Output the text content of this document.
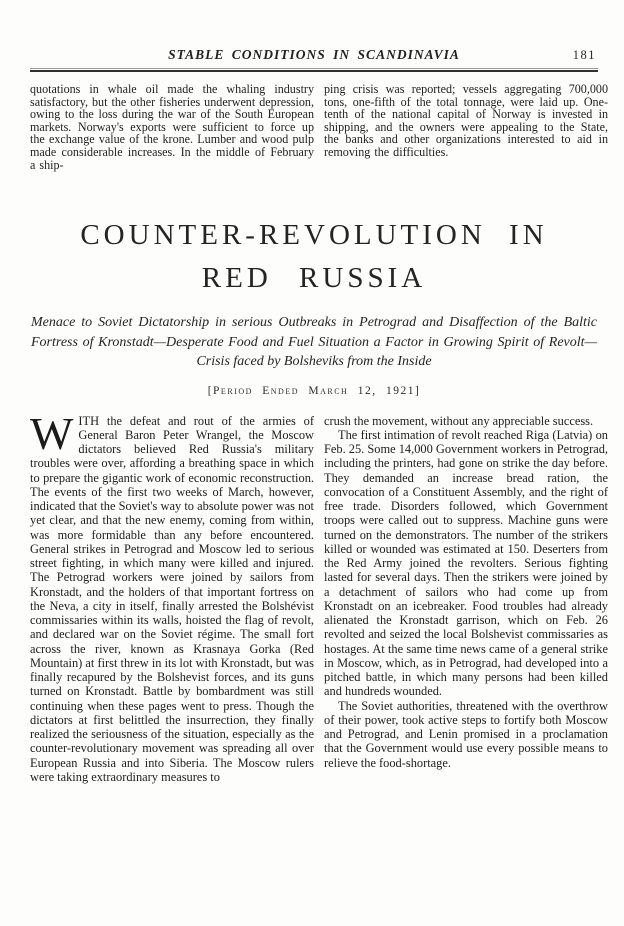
STABLE CONDITIONS IN SCANDINAVIA	181

quotations in whale oil made the whaling industry satisfactory, but the other fisheries underwent depression, owing to the loss during the war of the South European markets. Norway's exports were sufficient to force up the exchange value of the krone. Lumber and wood pulp made considerable increases. In the middle of February a ship-

ping crisis was reported; vessels aggregating 700,000 tons, one-fifth of the total tonnage, were laid up. One-tenth of the national capital of Norway is invested in shipping, and the owners were appealing to the State, the banks and other organizations interested to aid in removing the difficulties.

COUNTER-REVOLUTION IN
RED RUSSIA

Menace to Soviet Dictatorship in serious Outbreaks in Petrograd and Disaffection of the Baltic Fortress of Kronstadt—Desperate Food and Fuel Situation a Factor in Growing Spirit of Revolt—Crisis faced by Bolsheviks from the Inside

[Period Ended March 12, 1921]

WITH the defeat and rout of the armies of General Baron Peter Wrangel, the Moscow dictators believed Red Russia's military troubles were over, affording a breathing space in which to prepare the gigantic work of economic reconstruction. The events of the first two weeks of March, however, indicated that the Soviet's way to absolute power was not yet clear, and that the new enemy, coming from within, was more formidable than any before encountered. General strikes in Petrograd and Moscow led to serious street fighting, in which many were killed and injured. The Petrograd workers were joined by sailors from Kronstadt, and the holders of that important fortress on the Neva, a city in itself, finally arrested the Bolshévist commissaries within its walls, hoisted the flag of revolt, and declared war on the Soviet régime. The small fort across the river, known as Krasnaya Gorka (Red Mountain) at first threw in its lot with Kronstadt, but was finally recapured by the Bolshevist forces, and its guns turned on Kronstadt. Battle by bombardment was still continuing when these pages went to press. Though the dictators at first belittled the insurrection, they finally realized the seriousness of the situation, especially as the counter-revolutionary movement was spreading all over European Russia and into Siberia. The Moscow rulers were taking extraordinary measures to

crush the movement, without any appreciable success.

The first intimation of revolt reached Riga (Latvia) on Feb. 25. Some 14,000 Government workers in Petrograd, including the printers, had gone on strike the day before. They demanded an increase bread ration, the convocation of a Constituent Assembly, and the right of free trade. Disorders followed, which Government troops were called out to suppress. Machine guns were turned on the demonstrators. The number of the strikers killed or wounded was estimated at 150. Deserters from the Red Army joined the revolters. Serious fighting lasted for several days. Then the strikers were joined by a detachment of sailors who had come up from Kronstadt on an icebreaker. Food troubles had already alienated the Kronstadt garrison, which on Feb. 26 revolted and seized the local Bolshevist commissaries as hostages. At the same time news came of a general strike in Moscow, which, as in Petrograd, had developed into a pitched battle, in which many persons had been killed and hundreds wounded.

The Soviet authorities, threatened with the overthrow of their power, took active steps to fortify both Moscow and Petrograd, and Lenin promised in a proclamation that the Government would use every possible means to relieve the food-shortage.
